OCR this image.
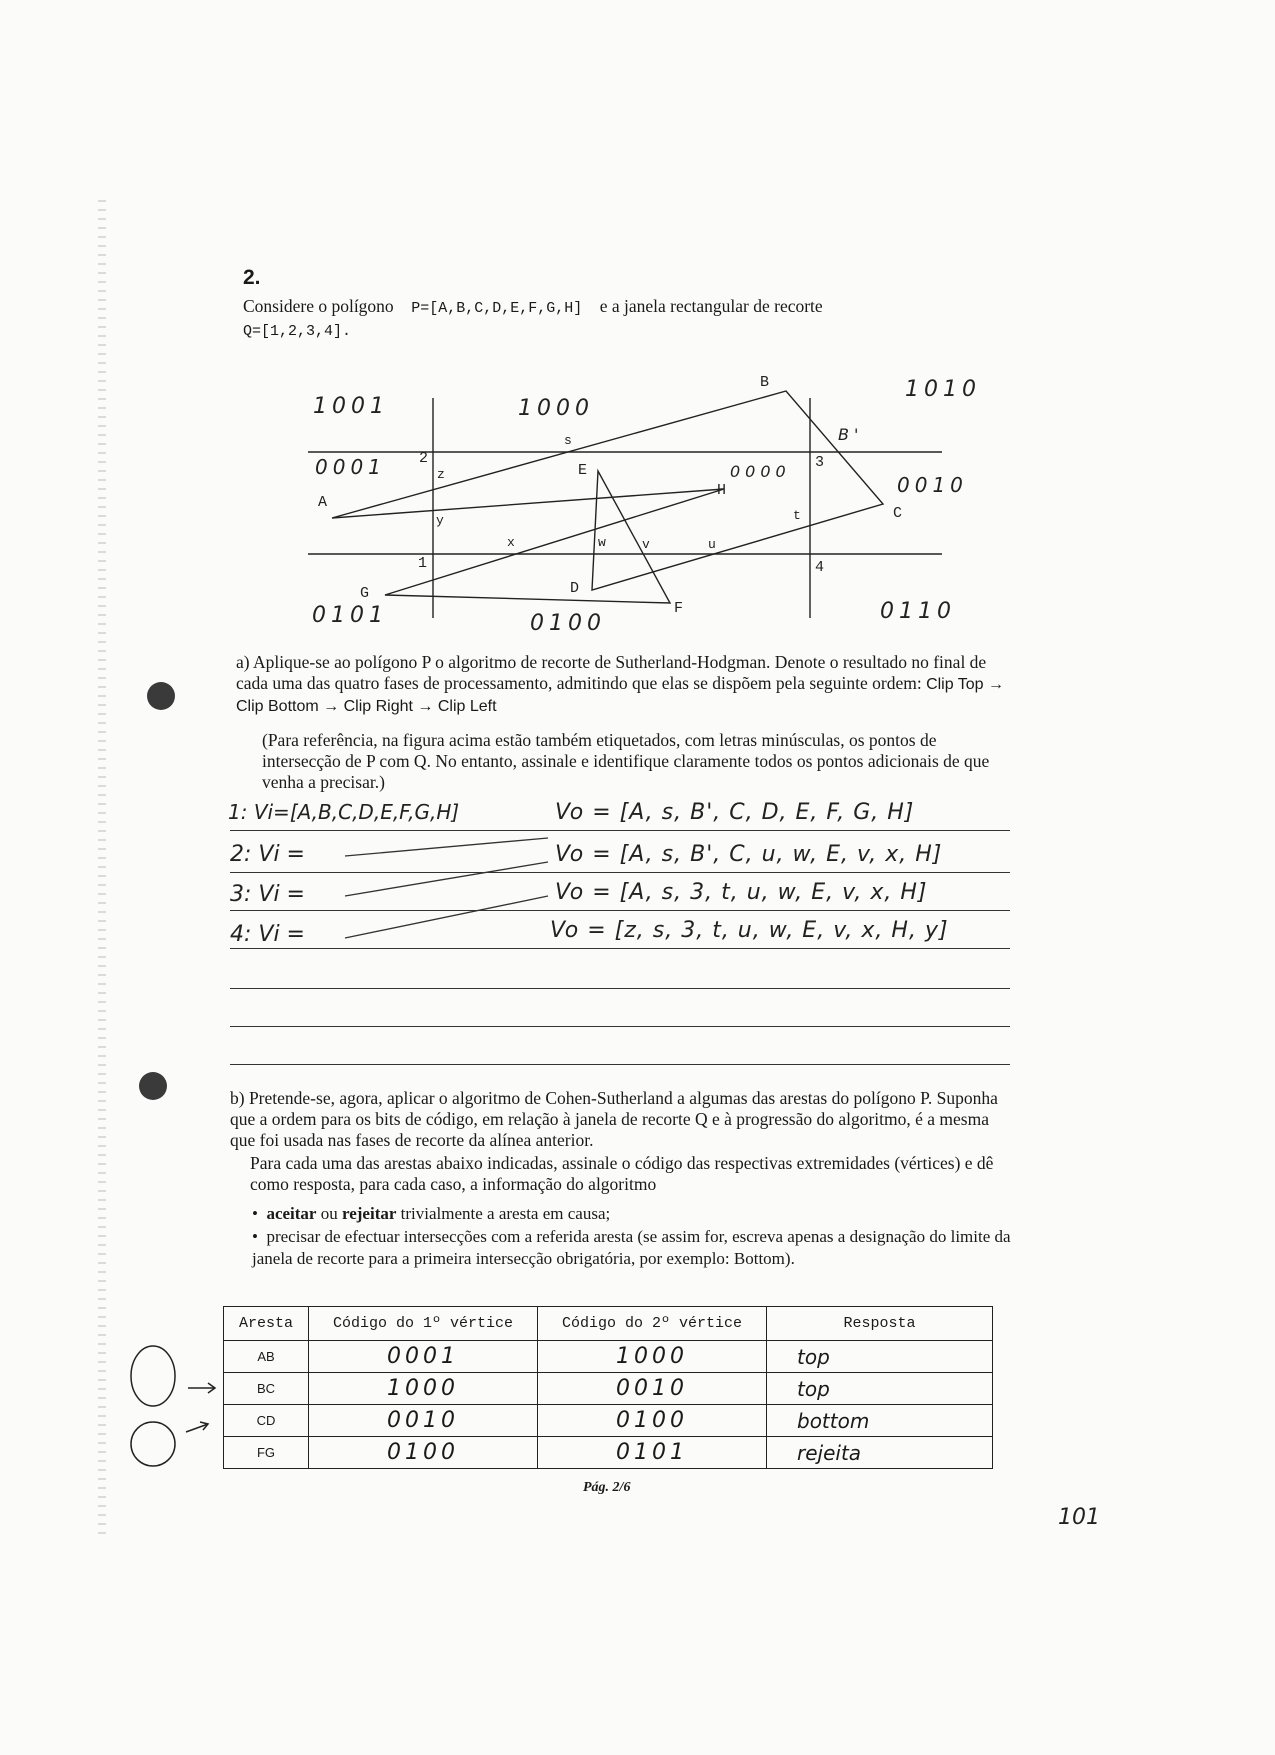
2.
Considere o polígono P=[A,B,C,D,E,F,G,H] e a janela rectangular de recorte
Q=[1,2,3,4].
A
B
C
D
E
F
G
H
1
2	3
4
s
z
y
x	w	v	u
t
1001	1000
1010
0001	0000
0010
0101	0100	0110
B'
a) Aplique-se ao polígono P o algoritmo de recorte de Sutherland-Hodgman. Denote o resultado no final de cada uma das quatro fases de processamento, admitindo que elas se dispõem pela seguinte ordem: Clip Top → Clip Bottom → Clip Right → Clip Left
(Para referência, na figura acima estão também etiquetados, com letras minúsculas, os pontos de intersecção de P com Q. No entanto, assinale e identifique claramente todos os pontos adicionais de que venha a precisar.)
1: Vi=[A,B,C,D,E,F,G,H]	Vo = [A, s, B', C, D, E, F, G, H]
2: Vi =	Vo = [A, s, B', C, u, w, E, v, x, H]
3: Vi =	Vo = [A, s, 3, t, u, w, E, v, x, H]
4: Vi =	Vo = [z, s, 3, t, u, w, E, v, x, H, y]
b) Pretende-se, agora, aplicar o algoritmo de Cohen-Sutherland a algumas das arestas do polígono P. Suponha que a ordem para os bits de código, em relação à janela de recorte Q e à progressão do algoritmo, é a mesma que foi usada nas fases de recorte da alínea anterior.
Para cada uma das arestas abaixo indicadas, assinale o código das respectivas extremidades (vértices) e dê como resposta, para cada caso, a informação do algoritmo
•  aceitar ou rejeitar trivialmente a aresta em causa;
•  precisar de efectuar intersecções com a referida aresta (se assim for, escreva apenas a designação do limite da janela de recorte para a primeira intersecção obrigatória, por exemplo: Bottom).
Aresta	Código do 1º vértice	Código do 2º vértice	Resposta
AB	0001	1000	top
BC	1000	0010	top
CD	0010	0100	bottom
FG	0100	0101	rejeita
Pág. 2/6
101
